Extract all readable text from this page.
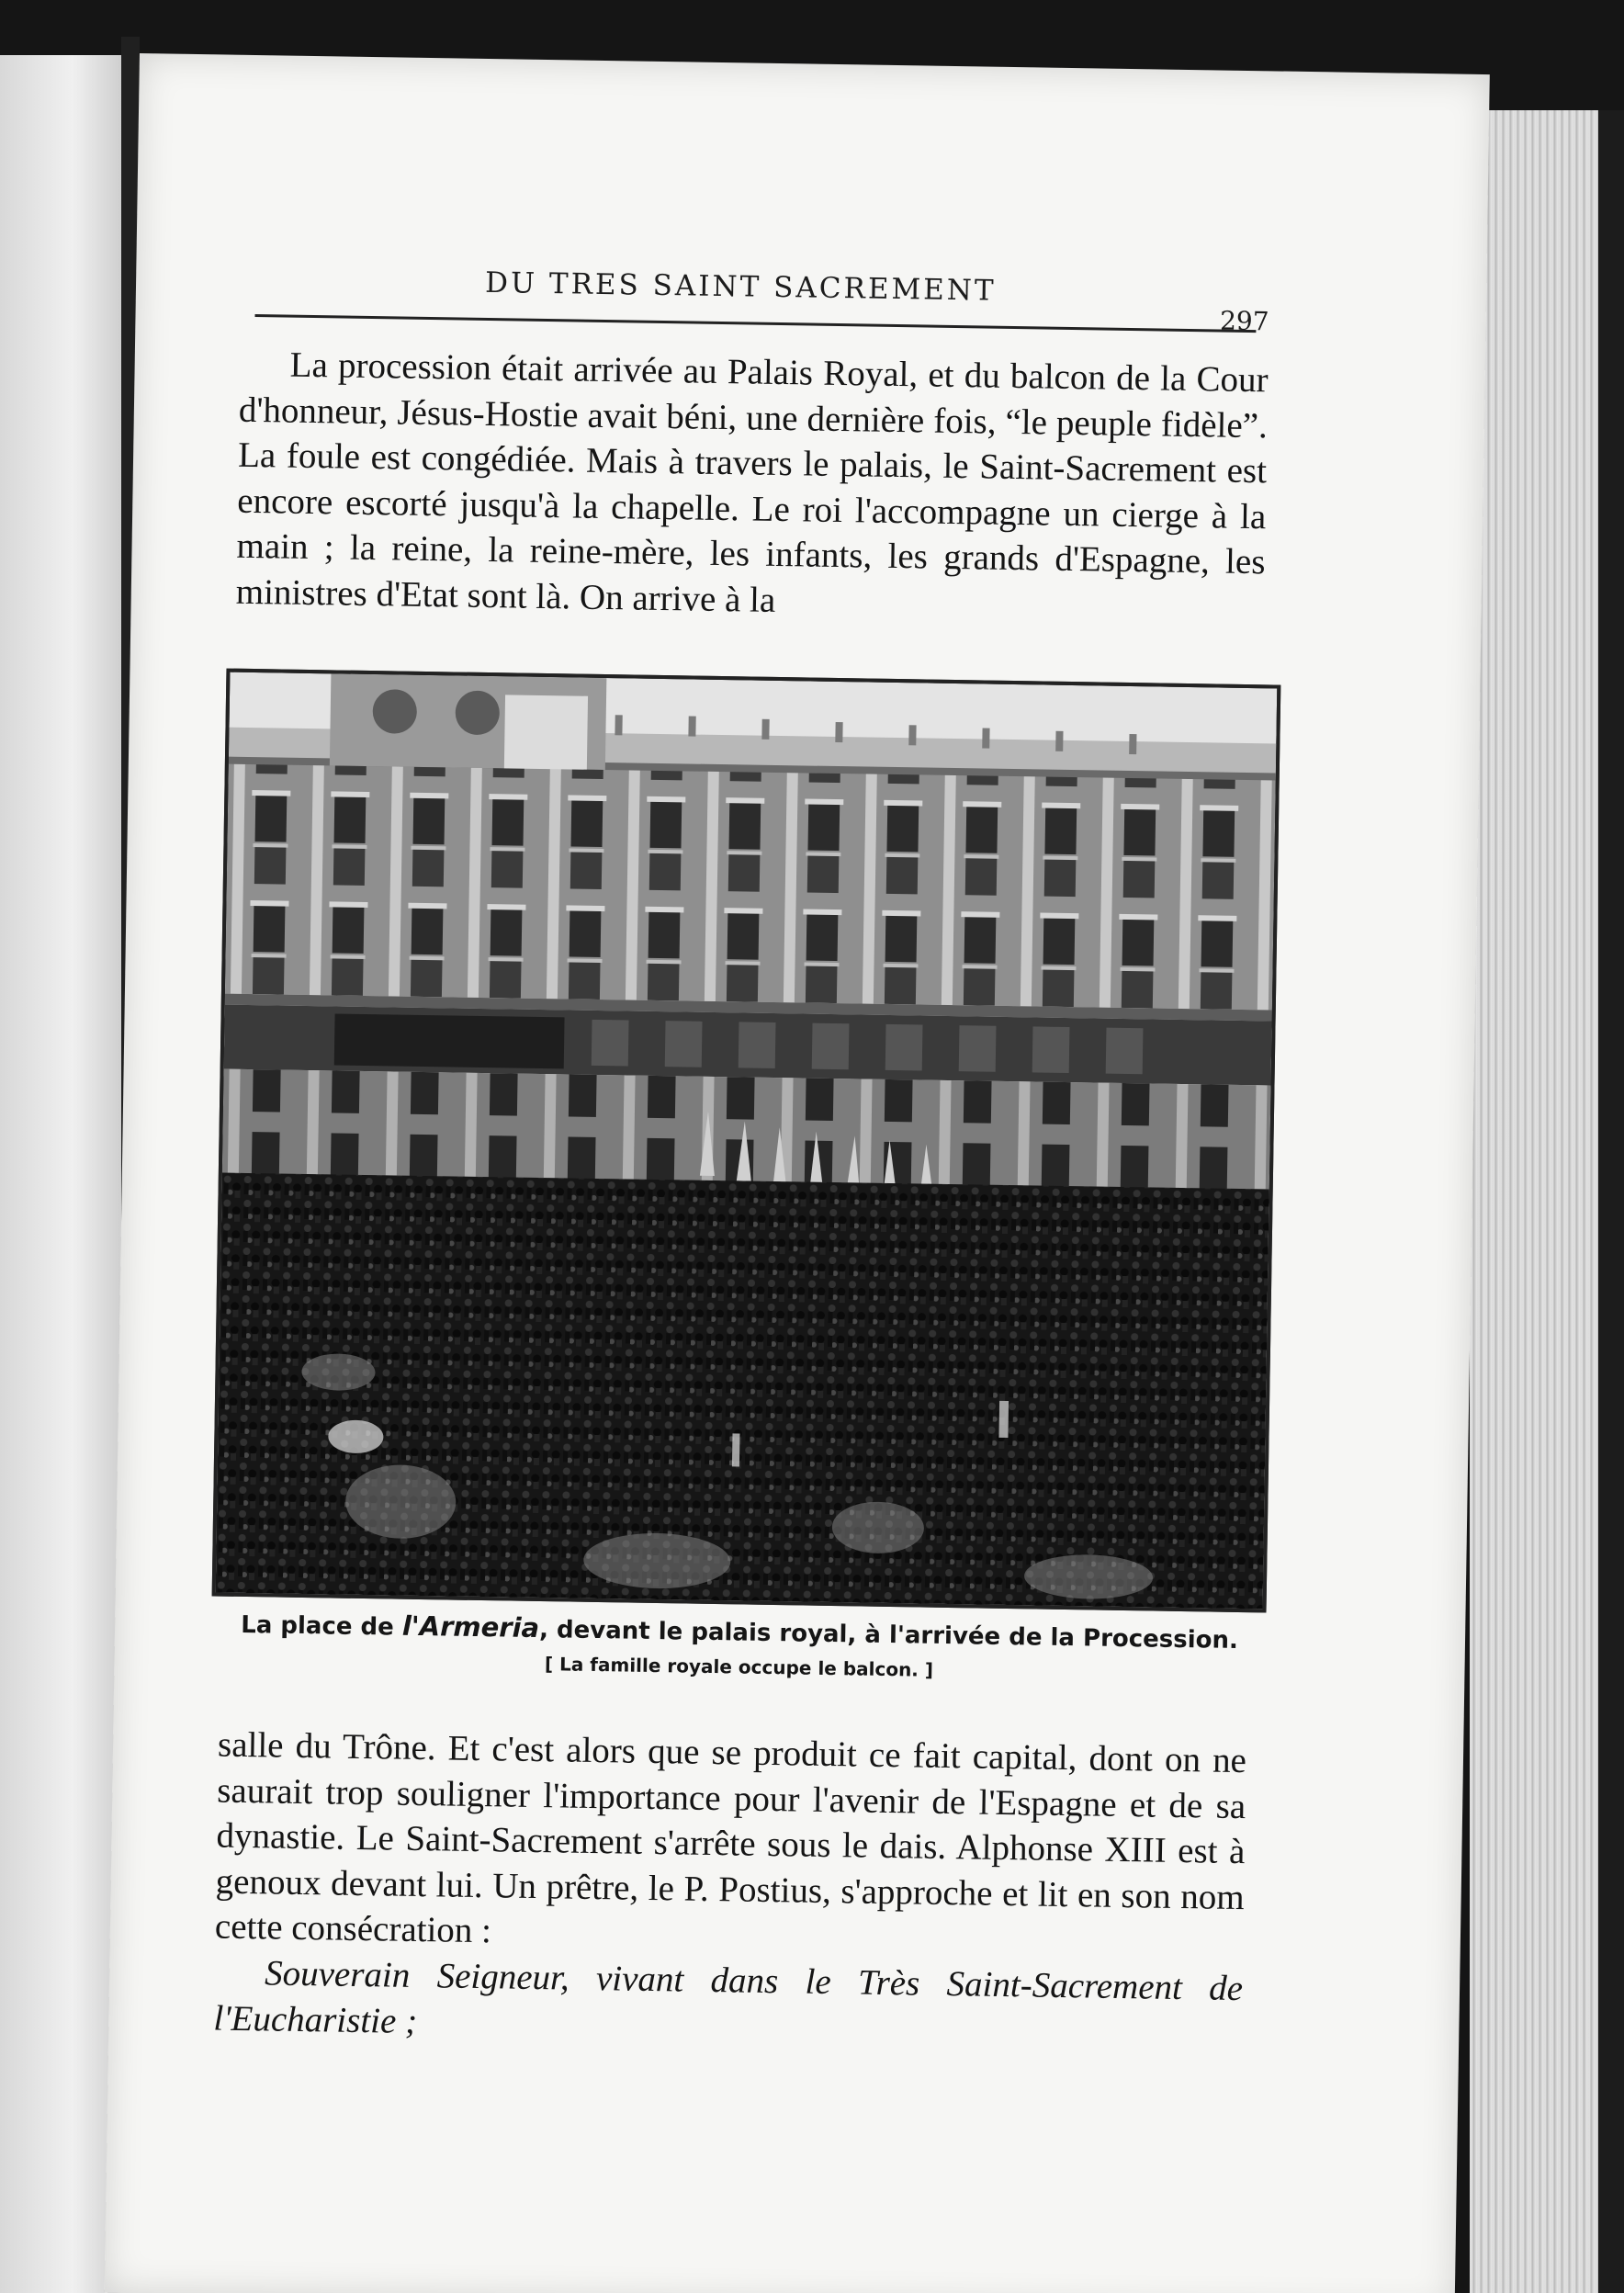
DU TRES SAINT SACREMENT
297

La procession était arrivée au Palais Royal, et du balcon de la Cour d'honneur, Jésus-Hostie avait béni, une dernière fois, “le peuple fidèle”. La foule est congédiée. Mais à travers le palais, le Saint-Sacrement est encore escorté jusqu'à la chapelle. Le roi l'accompagne un cierge à la main ; la reine, la reine-mère, les infants, les grands d'Espagne, les ministres d'Etat sont là. On arrive à la

La place de l'Armeria, devant le palais royal, à l'arrivée de la Procession.
[ La famille royale occupe le balcon. ]

salle du Trône. Et c'est alors que se produit ce fait capital, dont on ne saurait trop souligner l'importance pour l'avenir de l'Espagne et de sa dynastie. Le Saint-Sacrement s'arrête sous le dais. Alphonse XIII est à genoux devant lui. Un prêtre, le P. Postius, s'approche et lit en son nom cette consécration :

Souverain Seigneur, vivant dans le Très Saint-Sacrement de l'Eucharistie ;
